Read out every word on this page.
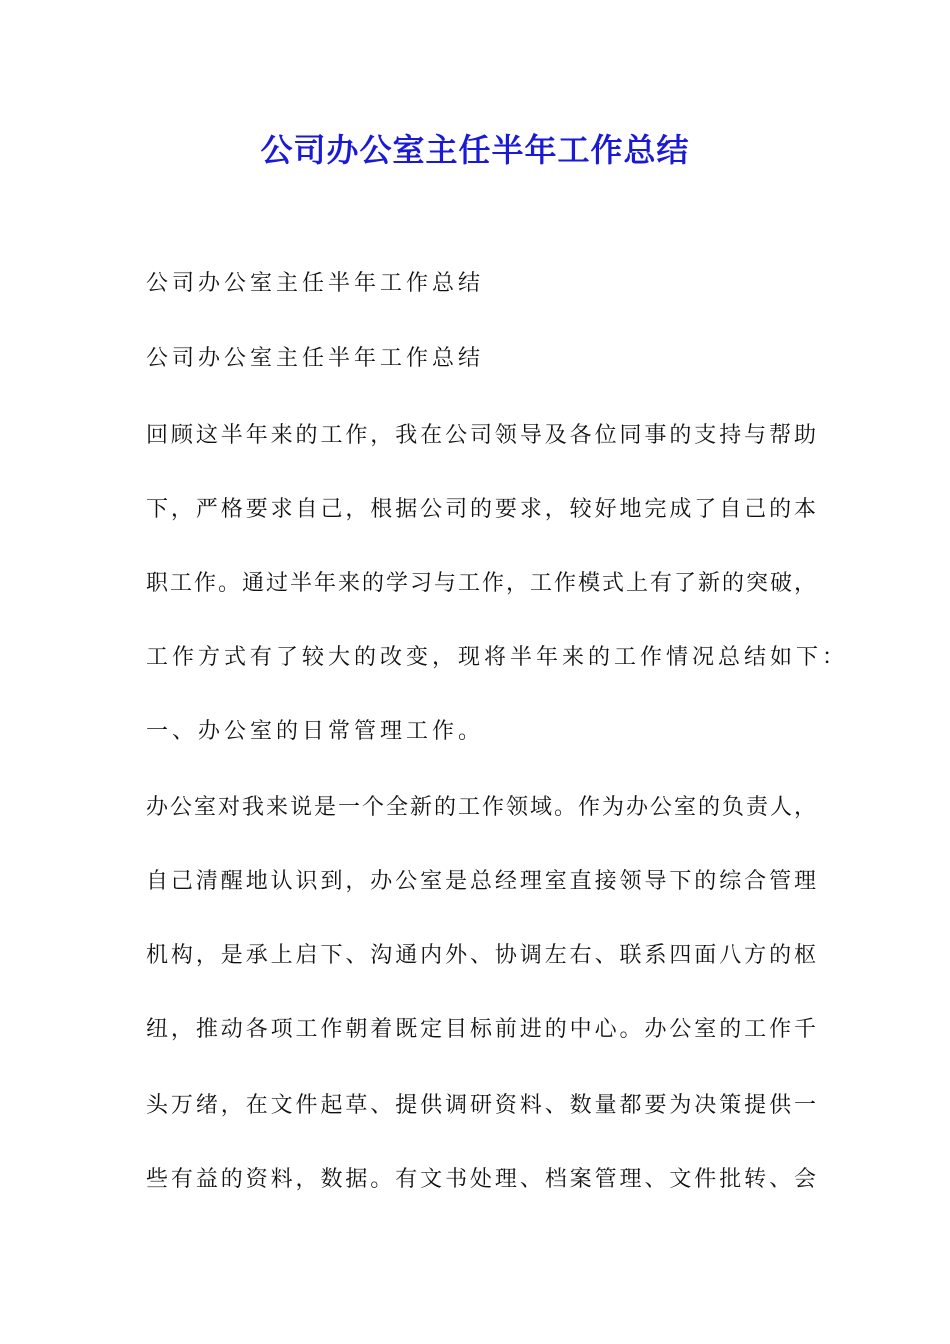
公司办公室主任半年工作总结

公司办公室主任半年工作总结

公司办公室主任半年工作总结

回顾这半年来的工作，我在公司领导及各位同事的支持与帮助

下，严格要求自己，根据公司的要求，较好地完成了自己的本

职工作。通过半年来的学习与工作，工作模式上有了新的突破，

工作方式有了较大的改变，现将半年来的工作情况总结如下：

一、办公室的日常管理工作。

办公室对我来说是一个全新的工作领域。作为办公室的负责人，

自己清醒地认识到，办公室是总经理室直接领导下的综合管理

机构，是承上启下、沟通内外、协调左右、联系四面八方的枢

纽，推动各项工作朝着既定目标前进的中心。办公室的工作千

头万绪，在文件起草、提供调研资料、数量都要为决策提供一

些有益的资料，数据。有文书处理、档案管理、文件批转、会
